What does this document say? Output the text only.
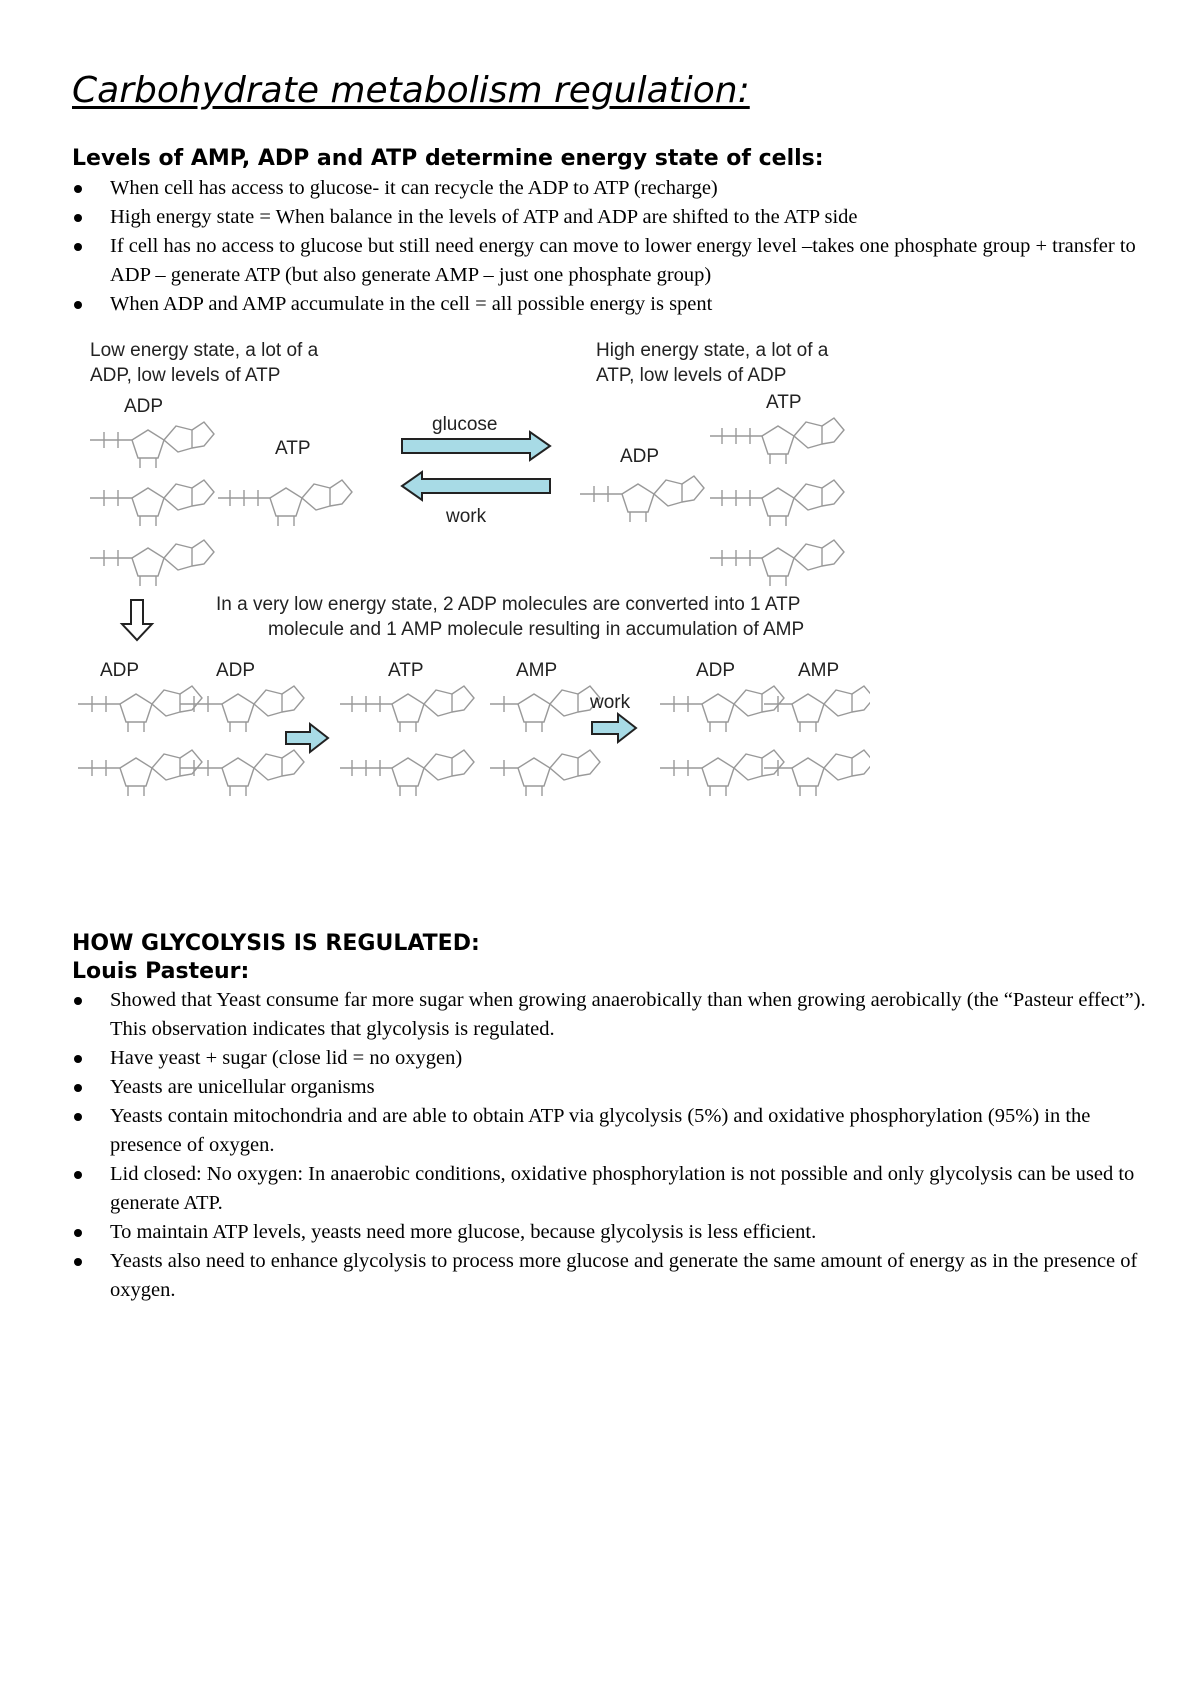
Carbohydrate metabolism regulation:
Levels of AMP, ADP and ATP determine energy state of cells:
When cell has access to glucose- it can recycle the ADP to ATP (recharge)
High energy state = When balance in the levels of ATP and ADP are shifted to the ATP side
If cell has no access to glucose but still need energy can move to lower energy level –takes one phosphate group + transfer to ADP – generate ATP (but also generate AMP – just one phosphate group)
When ADP and AMP accumulate in the cell = all possible energy is spent
Low energy state, a lot of a
ADP, low levels of ATP
ADP
ATP
glucose
work
High energy state, a lot of a
ATP, low levels of ADP
ATP
ADP
In a very low energy state, 2 ADP molecules are converted into 1 ATP
molecule and 1 AMP molecule resulting in accumulation of AMP
ADP	ADP	ATP	AMP	ADP	AMP
work
HOW GLYCOLYSIS IS REGULATED:
Louis Pasteur:
Showed that Yeast consume far more sugar when growing anaerobically than when growing aerobically (the “Pasteur effect”). This observation indicates that glycolysis is regulated.
Have yeast + sugar (close lid = no oxygen)
Yeasts are unicellular organisms
Yeasts contain mitochondria and are able to obtain ATP via glycolysis (5%) and oxidative phosphorylation (95%) in the presence of oxygen.
Lid closed: No oxygen: In anaerobic conditions, oxidative phosphorylation is not possible and only glycolysis can be used to generate ATP.
To maintain ATP levels, yeasts need more glucose, because glycolysis is less efficient.
Yeasts also need to enhance glycolysis to process more glucose and generate the same amount of energy as in the presence of oxygen.
